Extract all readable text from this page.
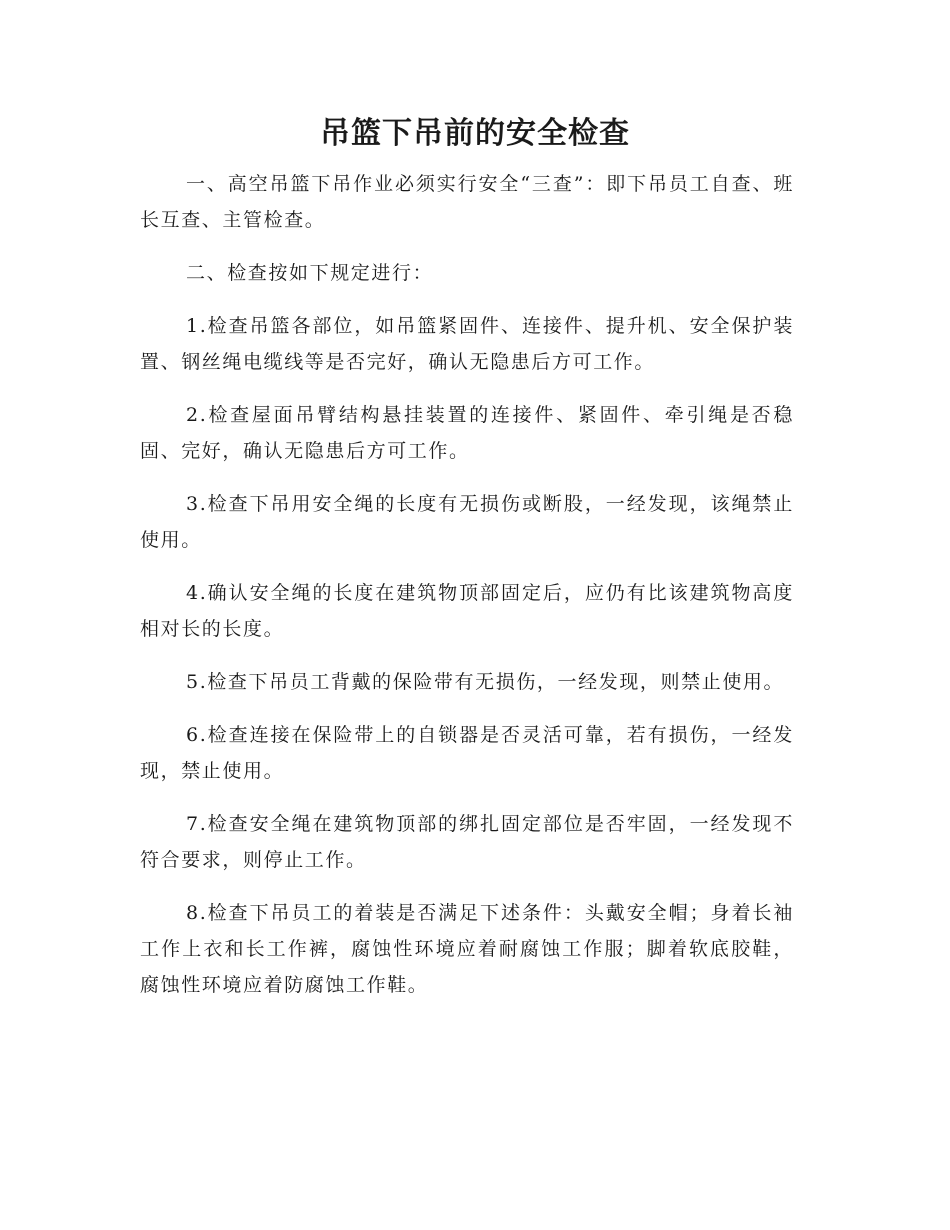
吊篮下吊前的安全检查

一、高空吊篮下吊作业必须实行安全“三查”：即下吊员工自查、班长互查、主管检查。

二、检查按如下规定进行：

1.检查吊篮各部位，如吊篮紧固件、连接件、提升机、安全保护装置、钢丝绳电缆线等是否完好，确认无隐患后方可工作。

2.检查屋面吊臂结构悬挂装置的连接件、紧固件、牵引绳是否稳固、完好，确认无隐患后方可工作。

3.检查下吊用安全绳的长度有无损伤或断股，一经发现，该绳禁止使用。

4.确认安全绳的长度在建筑物顶部固定后，应仍有比该建筑物高度相对长的长度。

5.检查下吊员工背戴的保险带有无损伤，一经发现，则禁止使用。

6.检查连接在保险带上的自锁器是否灵活可靠，若有损伤，一经发现，禁止使用。

7.检查安全绳在建筑物顶部的绑扎固定部位是否牢固，一经发现不符合要求，则停止工作。

8.检查下吊员工的着装是否满足下述条件：头戴安全帽；身着长袖工作上衣和长工作裤，腐蚀性环境应着耐腐蚀工作服；脚着软底胶鞋，腐蚀性环境应着防腐蚀工作鞋。
